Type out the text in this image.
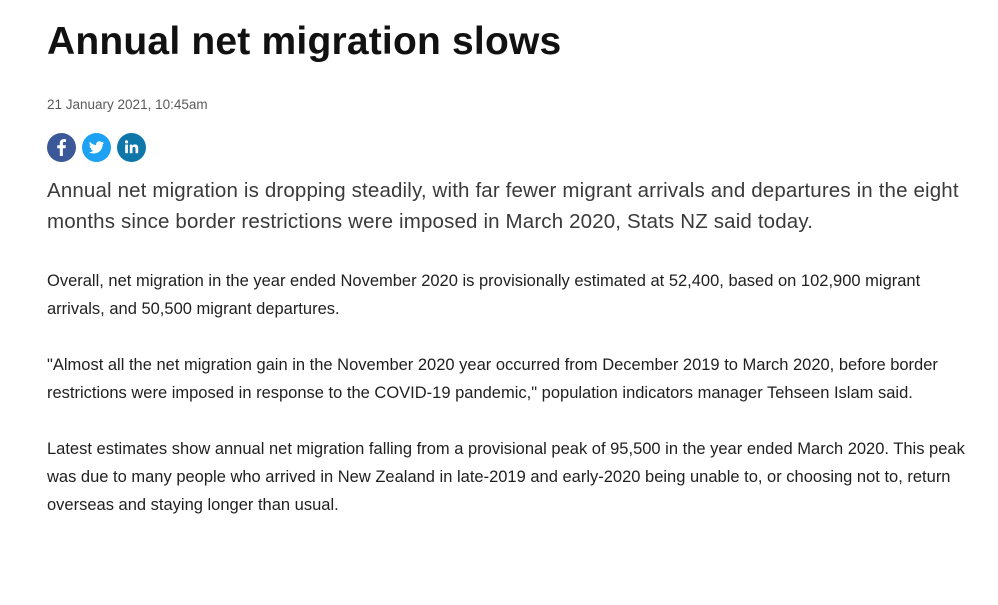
Annual net migration slows
21 January 2021, 10:45am

Annual net migration is dropping steadily, with far fewer migrant arrivals and departures in the eight months since border restrictions were imposed in March 2020, Stats NZ said today.

Overall, net migration in the year ended November 2020 is provisionally estimated at 52,400, based on 102,900 migrant arrivals, and 50,500 migrant departures.

"Almost all the net migration gain in the November 2020 year occurred from December 2019 to March 2020, before border restrictions were imposed in response to the COVID-19 pandemic," population indicators manager Tehseen Islam said.

Latest estimates show annual net migration falling from a provisional peak of 95,500 in the year ended March 2020. This peak was due to many people who arrived in New Zealand in late-2019 and early-2020 being unable to, or choosing not to, return overseas and staying longer than usual.
